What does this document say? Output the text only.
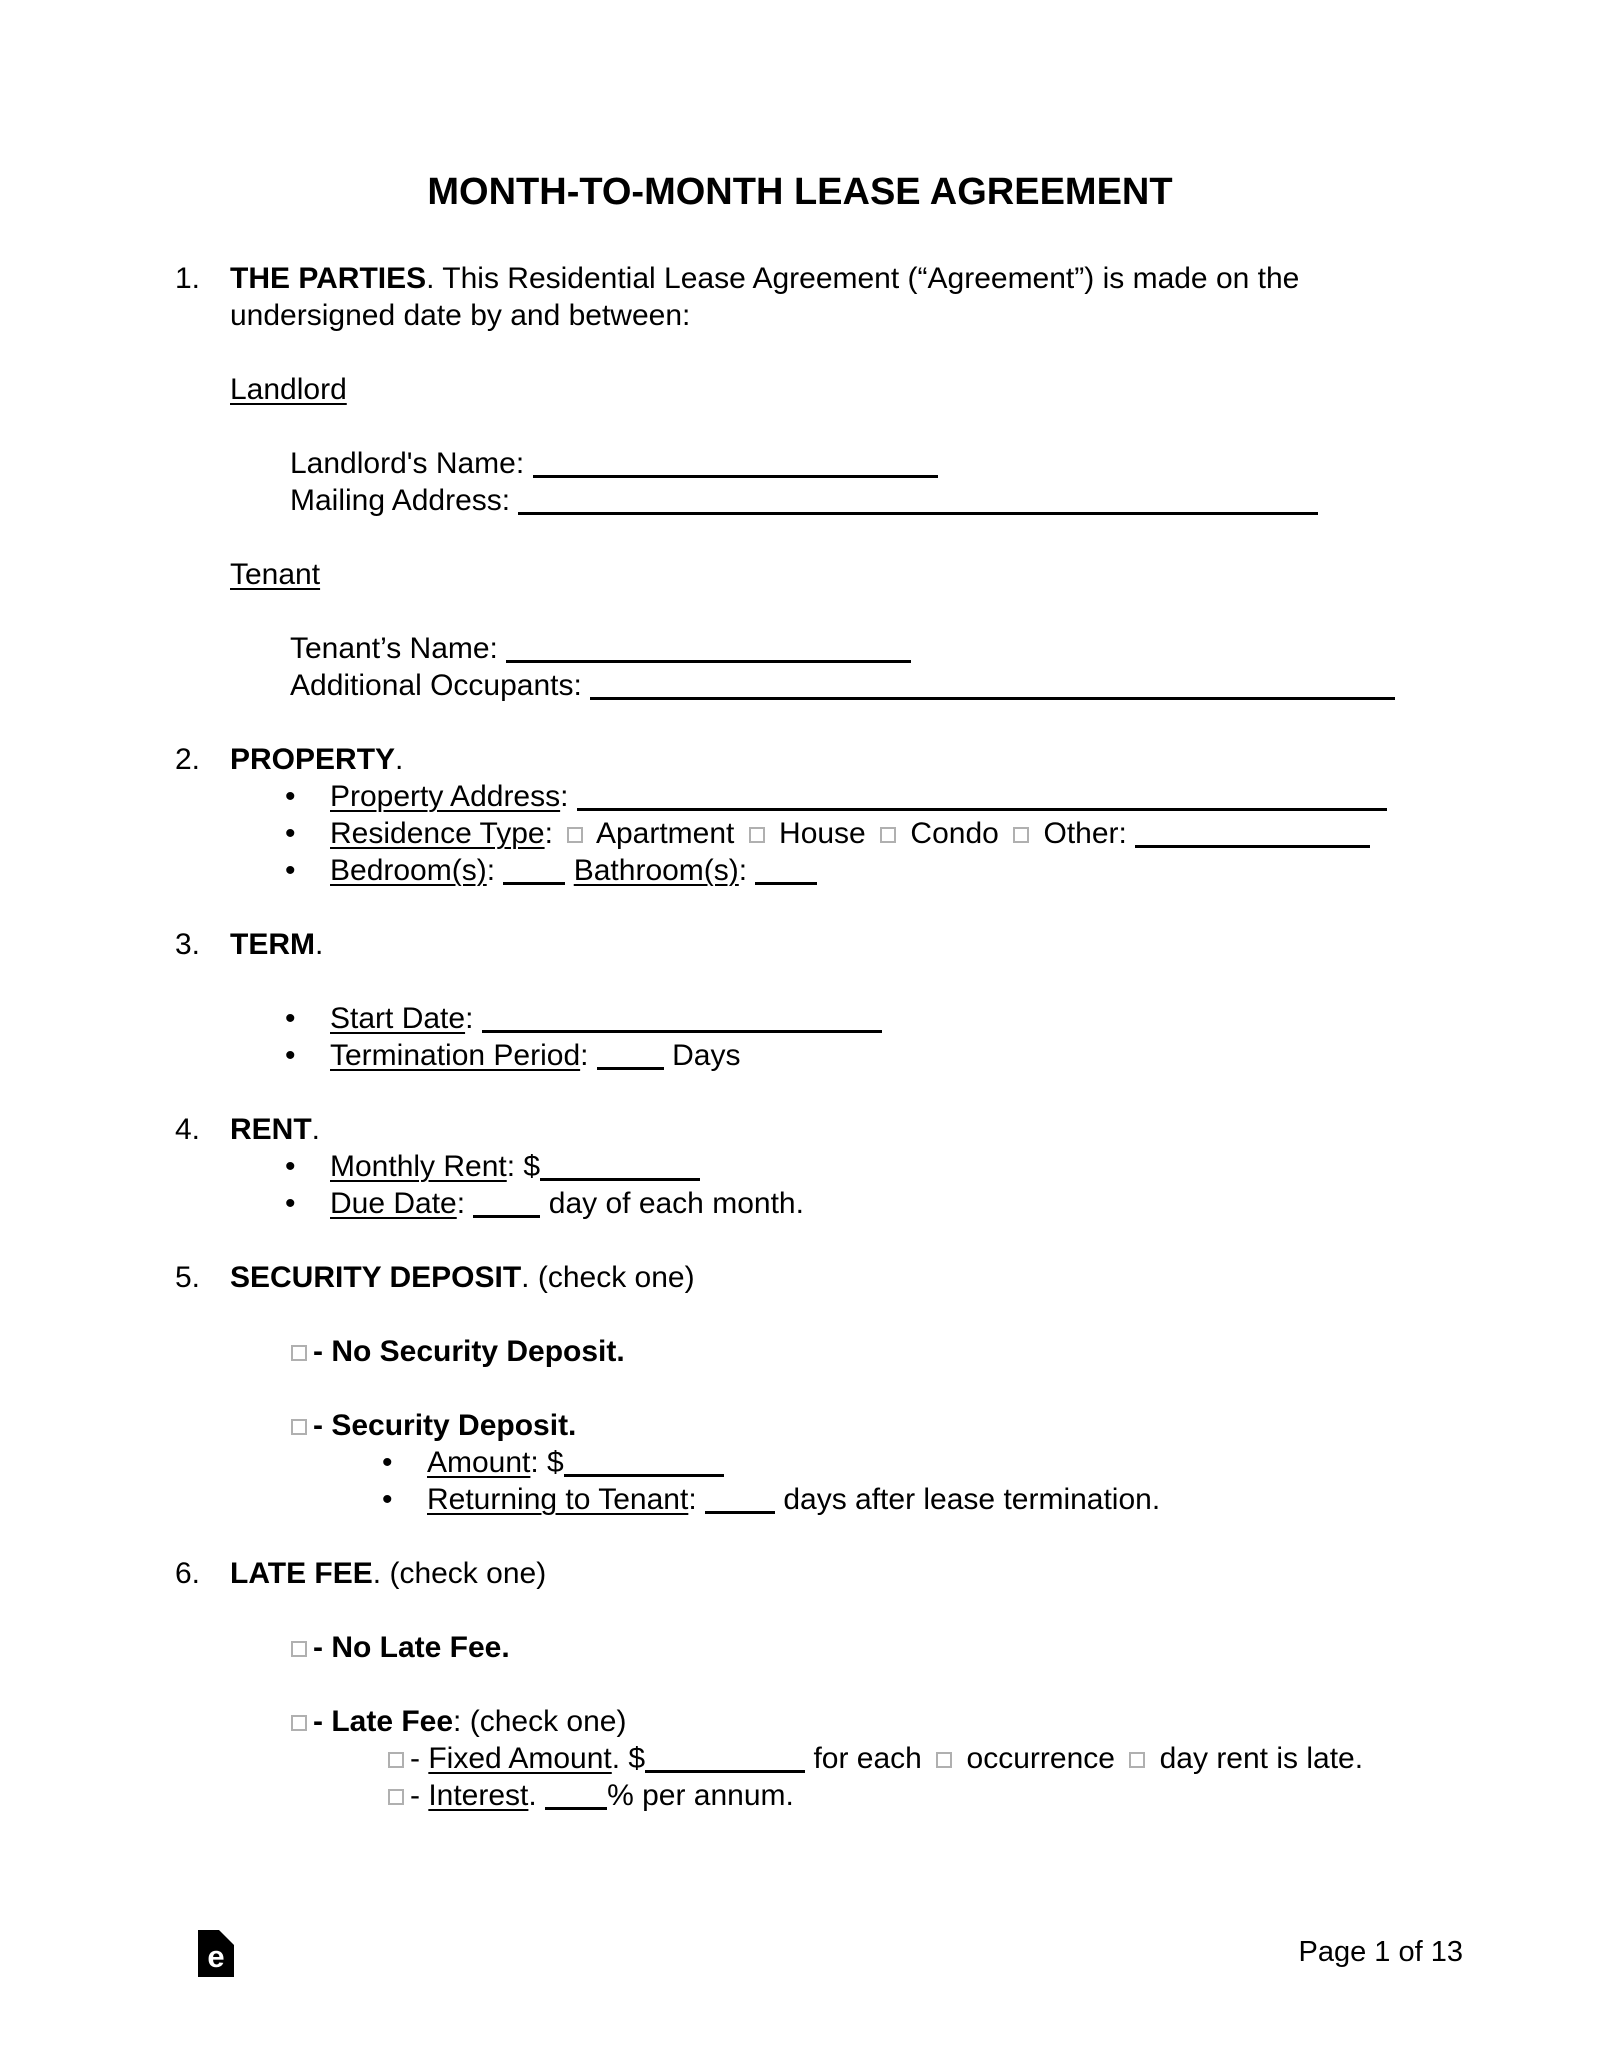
MONTH-TO-MONTH LEASE AGREEMENT
1. THE PARTIES. This Residential Lease Agreement (“Agreement”) is made on the
undersigned date by and between:
Landlord
Landlord's Name:
Mailing Address:
Tenant
Tenant’s Name:
Additional Occupants:
2. PROPERTY.
• Property Address:
• Residence Type:  Apartment  House  Condo  Other:
• Bedroom(s):  Bathroom(s):
3. TERM.
• Start Date:
• Termination Period:  Days
4. RENT.
• Monthly Rent: $
• Due Date:  day of each month.
5. SECURITY DEPOSIT. (check one)
- No Security Deposit.
- Security Deposit.
• Amount: $
• Returning to Tenant:  days after lease termination.
6. LATE FEE. (check one)
- No Late Fee.
- Late Fee: (check one)
- Fixed Amount. $	for each  occurrence  day rent is late.
- Interest. % per annum.
e	Page 1 of 13
